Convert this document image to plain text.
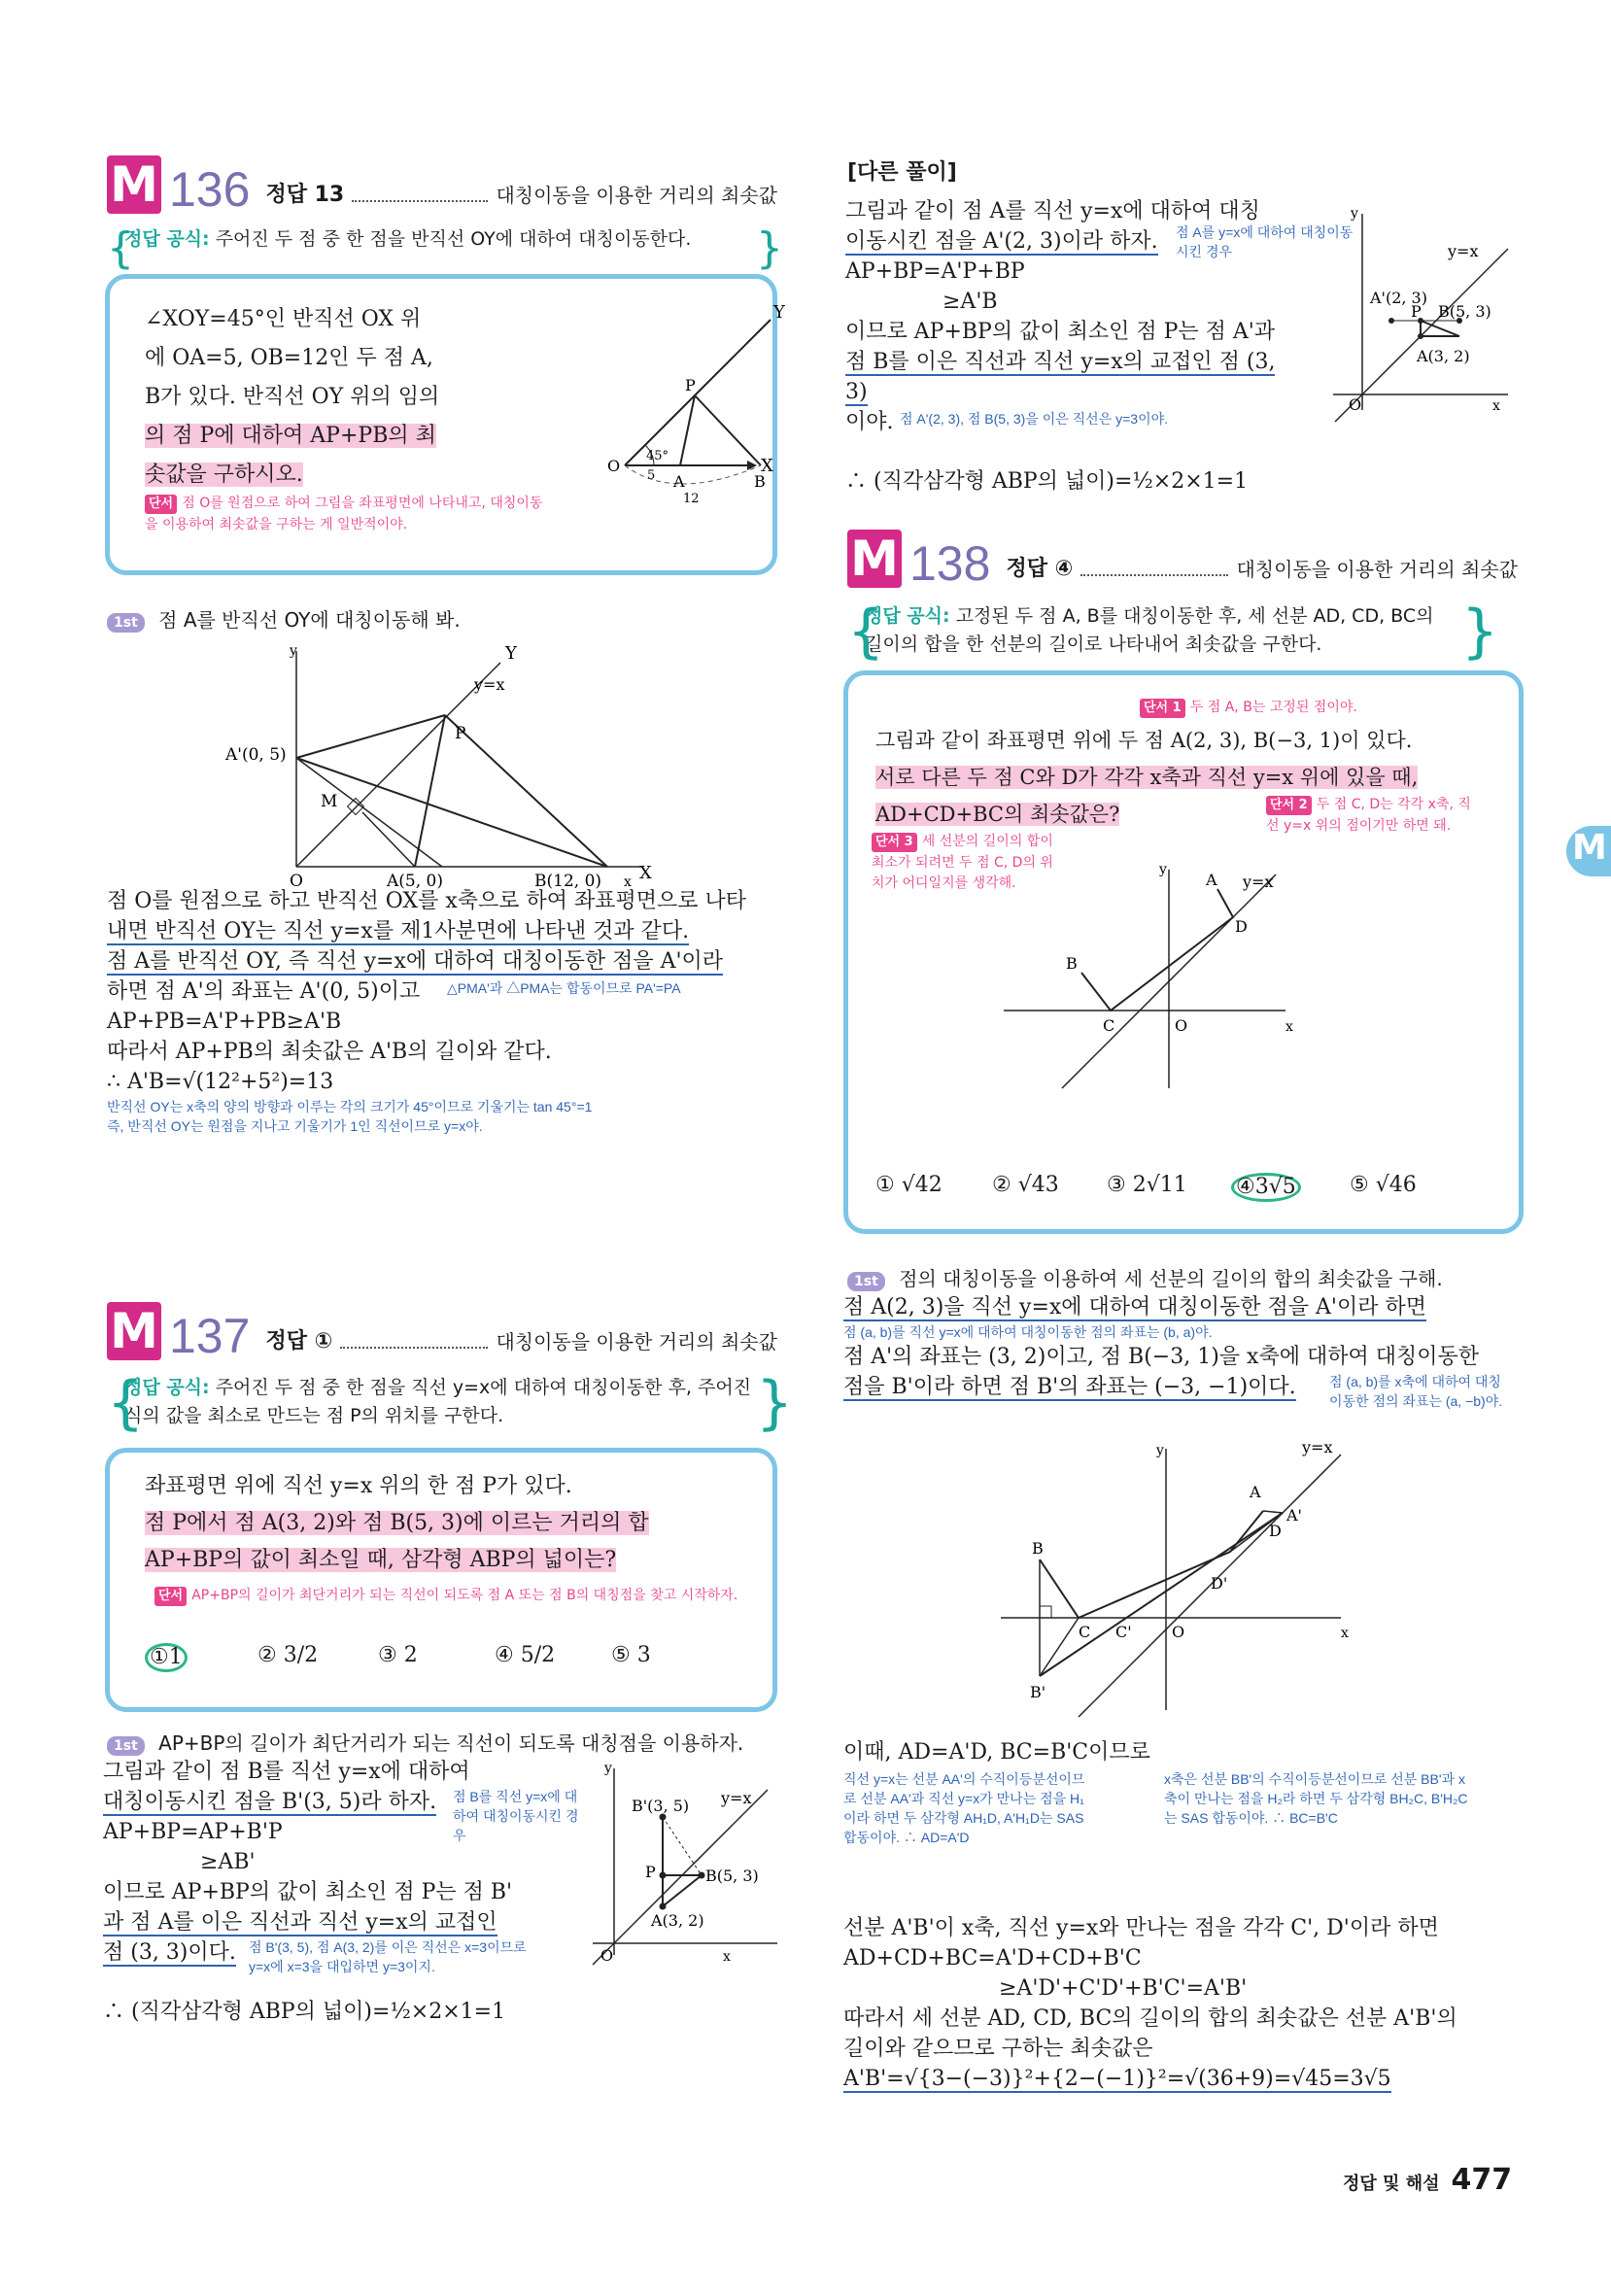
M 136 정답 13	대칭이동을 이용한 거리의 최솟값
{
정답 공식: 주어진 두 점 중 한 점을 반직선 OY에 대하여 대칭이동한다. }
∠XOY=45°인 반직선 OX 위
에 OA=5, OB=12인 두 점 A,
B가 있다. 반직선 OY 위의 임의
의 점 P에 대하여 AP+PB의 최
솟값을 구하시오.
단서 점 O를 원점으로 하여 그림을 좌표평면에 나타내고, 대칭이동을 이용하여 최솟값을 구하는 게 일반적이야.
Y
X
P
O
A	B
45°
5
12
1st 점 A를 반직선 OY에 대칭이동해 봐.
y	Y
y=x
A'(0, 5)
P
M
O	A(5, 0)	B(12, 0) x X
점 O를 원점으로 하고 반직선 OX를 x축으로 하여 좌표평면으로 나타
내면 반직선 OY는 직선 y=x를 제1사분면에 나타낸 것과 같다.
점 A를 반직선 OY, 즉 직선 y=x에 대하여 대칭이동한 점을 A'이라
하면 점 A'의 좌표는 A'(0, 5)이고 △PMA'과 △PMA는 합동이므로 PA'=PA
AP+PB=A'P+PB≥A'B
따라서 AP+PB의 최솟값은 A'B의 길이와 같다.
∴ A'B=√(12²+5²)=13
반직선 OY는 x축의 양의 방향과 이루는 각의 크기가 45°이므로 기울기는 tan 45°=1
즉, 반직선 OY는 원점을 지나고 기울기가 1인 직선이므로 y=x야.
M 137 정답 ①	대칭이동을 이용한 거리의 최솟값
{
정답 공식: 주어진 두 점 중 한 점을 직선 y=x에 대하여 대칭이동한 후, 주어진
식의 값을 최소로 만드는 점 P의 위치를 구한다.	}
좌표평면 위에 직선 y=x 위의 한 점 P가 있다.
점 P에서 점 A(3, 2)와 점 B(5, 3)에 이르는 거리의 합
AP+BP의 값이 최소일 때, 삼각형 ABP의 넓이는?
단서 AP+BP의 길이가 최단거리가 되는 직선이 되도록 점 A 또는 점 B의 대칭점을 찾고 시작하자.
①1	② 3/2	③ 2	④ 5/2	⑤ 3
1st AP+BP의 길이가 최단거리가 되는 직선이 되도록 대칭점을 이용하자.
그림과 같이 점 B를 직선 y=x에 대하여
대칭이동시킨 점을 B'(3, 5)라 하자. 점 B를 직선 y=x에 대하여 대칭이동시킨 경우
AP+BP=AP+B'P
≥AB'
이므로 AP+BP의 값이 최소인 점 P는 점 B'
과 점 A를 이은 직선과 직선 y=x의 교접인
점 (3, 3)이다. 점 B'(3, 5), 점 A(3, 2)를 이은 직선은 x=3이므로 y=x에 x=3을 대입하면 y=3이지.
∴ (직각삼각형 ABP의 넓이)=½×2×1=1
y
y=x
B'(3, 5)
B(5, 3)
P
A(3, 2)
O	x
[다른 풀이]
그림과 같이 점 A를 직선 y=x에 대하여 대칭
이동시킨 점을 A'(2, 3)이라 하자. 점 A를 y=x에 대하여 대칭이동시킨 경우
AP+BP=A'P+BP
≥A'B
이므로 AP+BP의 값이 최소인 점 P는 점 A'과
점 B를 이은 직선과 직선 y=x의 교접인 점 (3, 3)
이야. 점 A'(2, 3), 점 B(5, 3)을 이은 직선은 y=3이야.
∴ (직각삼각형 ABP의 넓이)=½×2×1=1
y
y=x
A'(2, 3)
P B(5, 3)
A(3, 2)
O	x
M 138 정답 ④	대칭이동을 이용한 거리의 최솟값
{
정답 공식: 고정된 두 점 A, B를 대칭이동한 후, 세 선분 AD, CD, BC의
길이의 합을 한 선분의 길이로 나타내어 최솟값을 구한다.	}
단서 1 두 점 A, B는 고정된 점이야.
그림과 같이 좌표평면 위에 두 점 A(2, 3), B(−3, 1)이 있다.
서로 다른 두 점 C와 D가 각각 x축과 직선 y=x 위에 있을 때,
AD+CD+BC의 최솟값은?	단서 2 두 점 C, D는 각각 x축, 직선 y=x 위의 점이기만 하면 돼.
단서 3 세 선분의 길이의 합이 최소가 되려면 두 점 C, D의 위치가 어디일지를 생각해.
y
A y=x
D
B
C	O	x
① √42 ② √43 ③ 2√11 ④3√5	⑤ √46
1st 점의 대칭이동을 이용하여 세 선분의 길이의 합의 최솟값을 구해.
점 A(2, 3)을 직선 y=x에 대하여 대칭이동한 점을 A'이라 하면
점 (a, b)를 직선 y=x에 대하여 대칭이동한 점의 좌표는 (b, a)야.
점 A'의 좌표는 (3, 2)이고, 점 B(−3, 1)을 x축에 대하여 대칭이동한
점을 B'이라 하면 점 B'의 좌표는 (−3, −1)이다. 점 (a, b)를 x축에 대하여 대칭이동한 점의 좌표는 (a, −b)야.
y	y=x
A
A'
D
D'
B
B'
C C'	O	x
이때, AD=A'D, BC=B'C이므로
직선 y=x는 선분 AA'의 수직이등분선이므로 선분 AA'과 직선 y=x가 만나는 점을 H₁이라 하면 두 삼각형 AH₁D, A'H₁D는 SAS 합동이야. ∴ AD=A'D
x축은 선분 BB'의 수직이등분선이므로 선분 BB'과 x축이 만나는 점을 H₂라 하면 두 삼각형 BH₂C, B'H₂C는 SAS 합동이야. ∴ BC=B'C
선분 A'B'이 x축, 직선 y=x와 만나는 점을 각각 C', D'이라 하면
AD+CD+BC=A'D+CD+B'C
≥A'D'+C'D'+B'C'=A'B'
따라서 세 선분 AD, CD, BC의 길이의 합의 최솟값은 선분 A'B'의
길이와 같으므로 구하는 최솟값은
A'B'=√{3−(−3)}²+{2−(−1)}²=√(36+9)=√45=3√5
M
정답 및 해설 477
